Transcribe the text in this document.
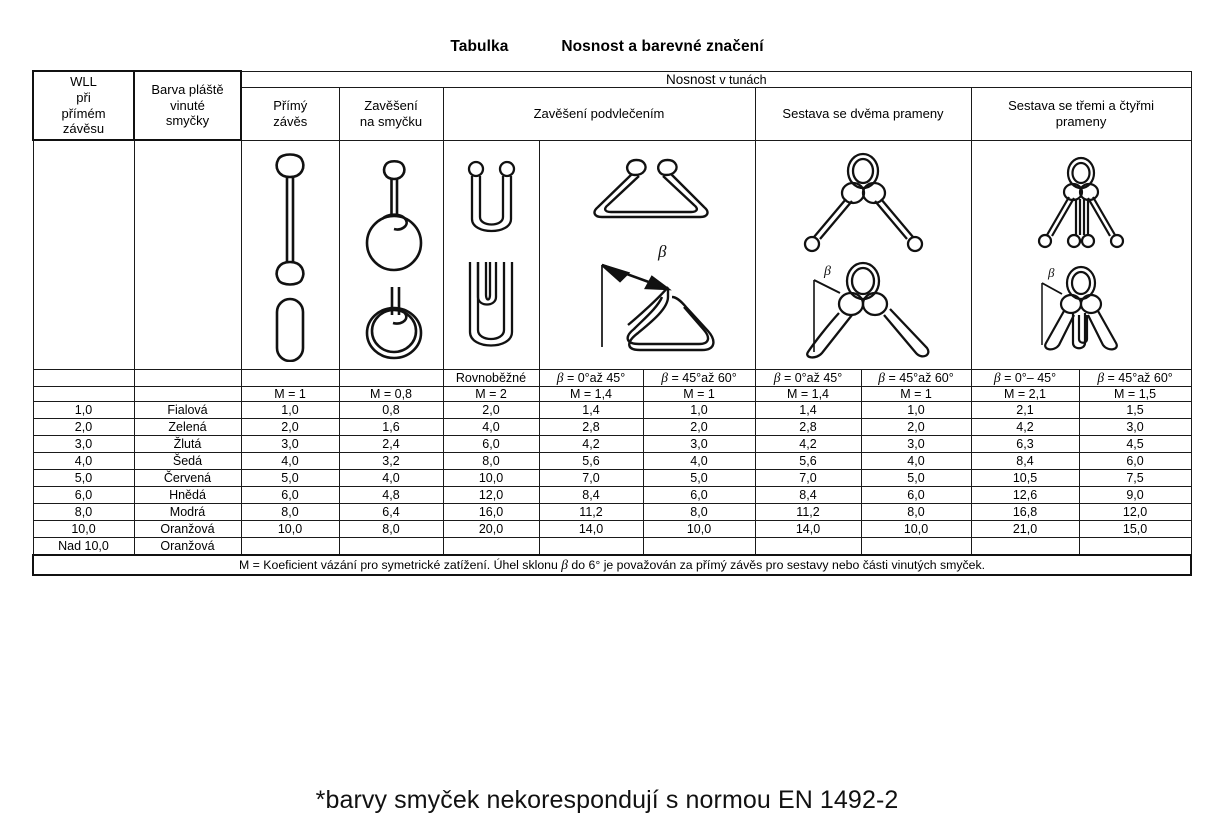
Tabulka	Nosnost a barevné značení
WLL
při
přímém
závěsu

Barva pláště
vinuté
smyčky
	Nosnost v tunách

Přímý
závěs

Zavěšení
na smyčku
	Zavěšení podvlečením	Sestava se dvěma prameny	
Sestava se třemi a čtyřmi
prameny

β		β		β	

				Rovnoběžné	β = 0°až 45°	β = 45°až 60°	β = 0°až 45°	β = 45°až 60°	β = 0°– 45°	β = 45°až 60°
		M = 1	M = 0,8	M = 2	M = 1,4	M = 1	M = 1,4	M = 1	M = 2,1	M = 1,5
1,0	Fialová	1,0	0,8	2,0	1,4	1,0	1,4	1,0	2,1	1,5
2,0	Zelená	2,0	1,6	4,0	2,8	2,0	2,8	2,0	4,2	3,0
3,0	Žlutá	3,0	2,4	6,0	4,2	3,0	4,2	3,0	6,3	4,5
4,0	Šedá	4,0	3,2	8,0	5,6	4,0	5,6	4,0	8,4	6,0
5,0	Červená	5,0	4,0	10,0	7,0	5,0	7,0	5,0	10,5	7,5
6,0	Hnědá	6,0	4,8	12,0	8,4	6,0	8,4	6,0	12,6	9,0
8,0	Modrá	8,0	6,4	16,0	11,2	8,0	11,2	8,0	16,8	12,0
10,0	Oranžová	10,0	8,0	20,0	14,0	10,0	14,0	10,0	21,0	15,0
Nad 10,0	Oranžová									
M = Koeficient vázání pro symetrické zatížení. Úhel sklonu β do 6° je považován za přímý závěs pro sestavy nebo části vinutých smyček.										
*barvy smyček nekorespondují s normou EN 1492-2
